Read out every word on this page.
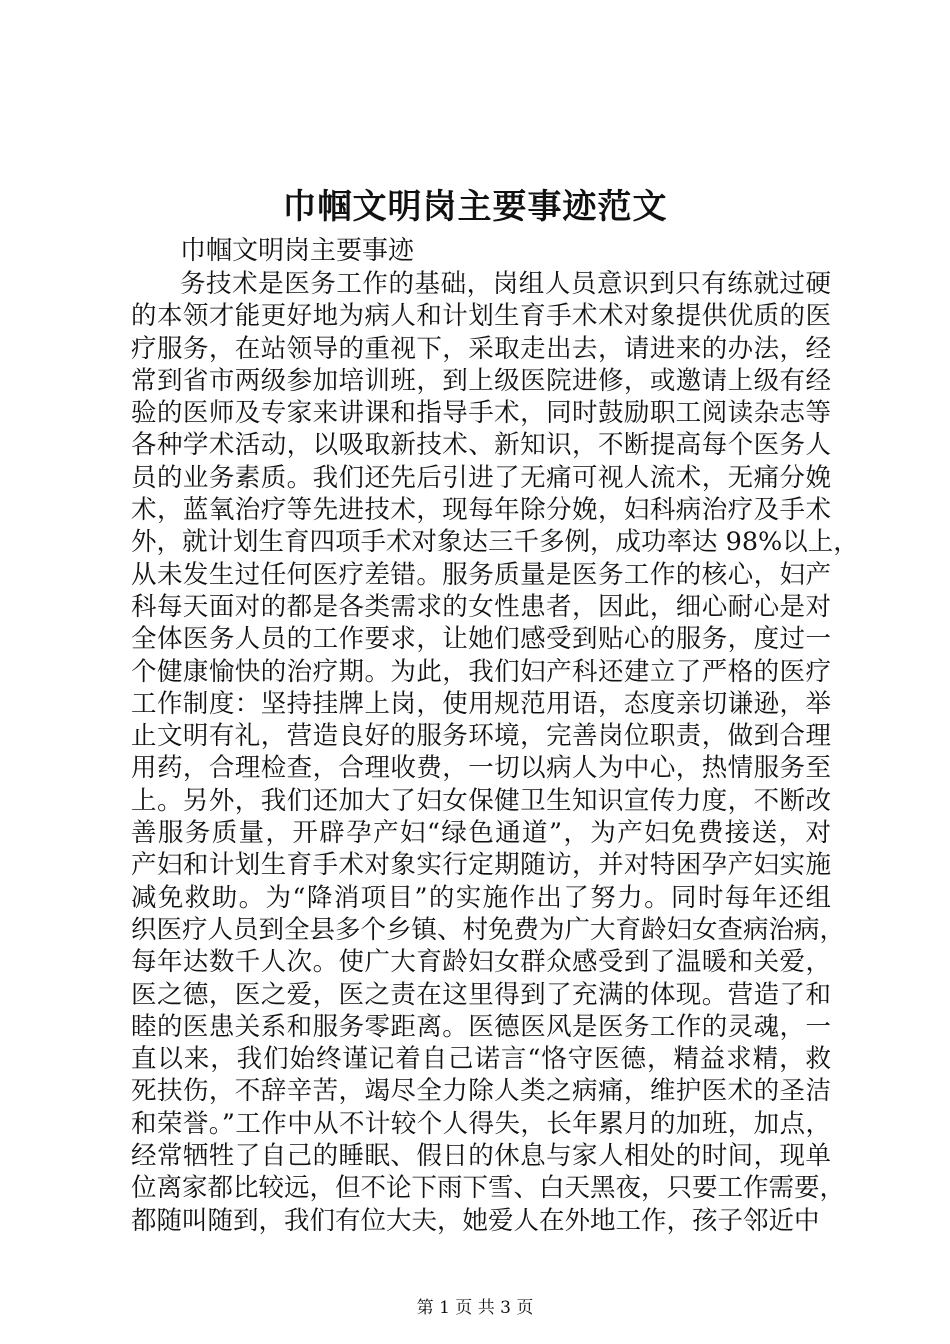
巾帼文明岗主要事迹范文

巾帼文明岗主要事迹

务技术是医务工作的基础，岗组人员意识到只有练就过硬
的本领才能更好地为病人和计划生育手术术对象提供优质的医
疗服务，在站领导的重视下，采取走出去，请进来的办法，经
常到省市两级参加培训班，到上级医院进修，或邀请上级有经
验的医师及专家来讲课和指导手术，同时鼓励职工阅读杂志等
各种学术活动，以吸取新技术、新知识，不断提高每个医务人
员的业务素质。我们还先后引进了无痛可视人流术，无痛分娩
术，蓝氧治疗等先进技术，现每年除分娩，妇科病治疗及手术
外，就计划生育四项手术对象达三千多例，成功率达 98%以上，
从未发生过任何医疗差错。服务质量是医务工作的核心，妇产
科每天面对的都是各类需求的女性患者，因此，细心耐心是对
全体医务人员的工作要求，让她们感受到贴心的服务，度过一
个健康愉快的治疗期。为此，我们妇产科还建立了严格的医疗
工作制度：坚持挂牌上岗，使用规范用语，态度亲切谦逊，举
止文明有礼，营造良好的服务环境，完善岗位职责，做到合理
用药，合理检查，合理收费，一切以病人为中心，热情服务至
上。另外，我们还加大了妇女保健卫生知识宣传力度，不断改
善服务质量，开辟孕产妇“绿色通道”，为产妇免费接送，对
产妇和计划生育手术对象实行定期随访，并对特困孕产妇实施
减免救助。为“降消项目”的实施作出了努力。同时每年还组
织医疗人员到全县多个乡镇、村免费为广大育龄妇女查病治病，
每年达数千人次。使广大育龄妇女群众感受到了温暖和关爱，
医之德，医之爱，医之责在这里得到了充满的体现。营造了和
睦的医患关系和服务零距离。医德医风是医务工作的灵魂，一
直以来，我们始终谨记着自己诺言“恪守医德，精益求精，救
死扶伤，不辞辛苦，竭尽全力除人类之病痛，维护医术的圣洁
和荣誉。”工作中从不计较个人得失，长年累月的加班，加点，
经常牺牲了自己的睡眠、假日的休息与家人相处的时间，现单
位离家都比较远，但不论下雨下雪、白天黑夜，只要工作需要，
都随叫随到，我们有位大夫，她爱人在外地工作，孩子邻近中

第 1 页 共 3 页
